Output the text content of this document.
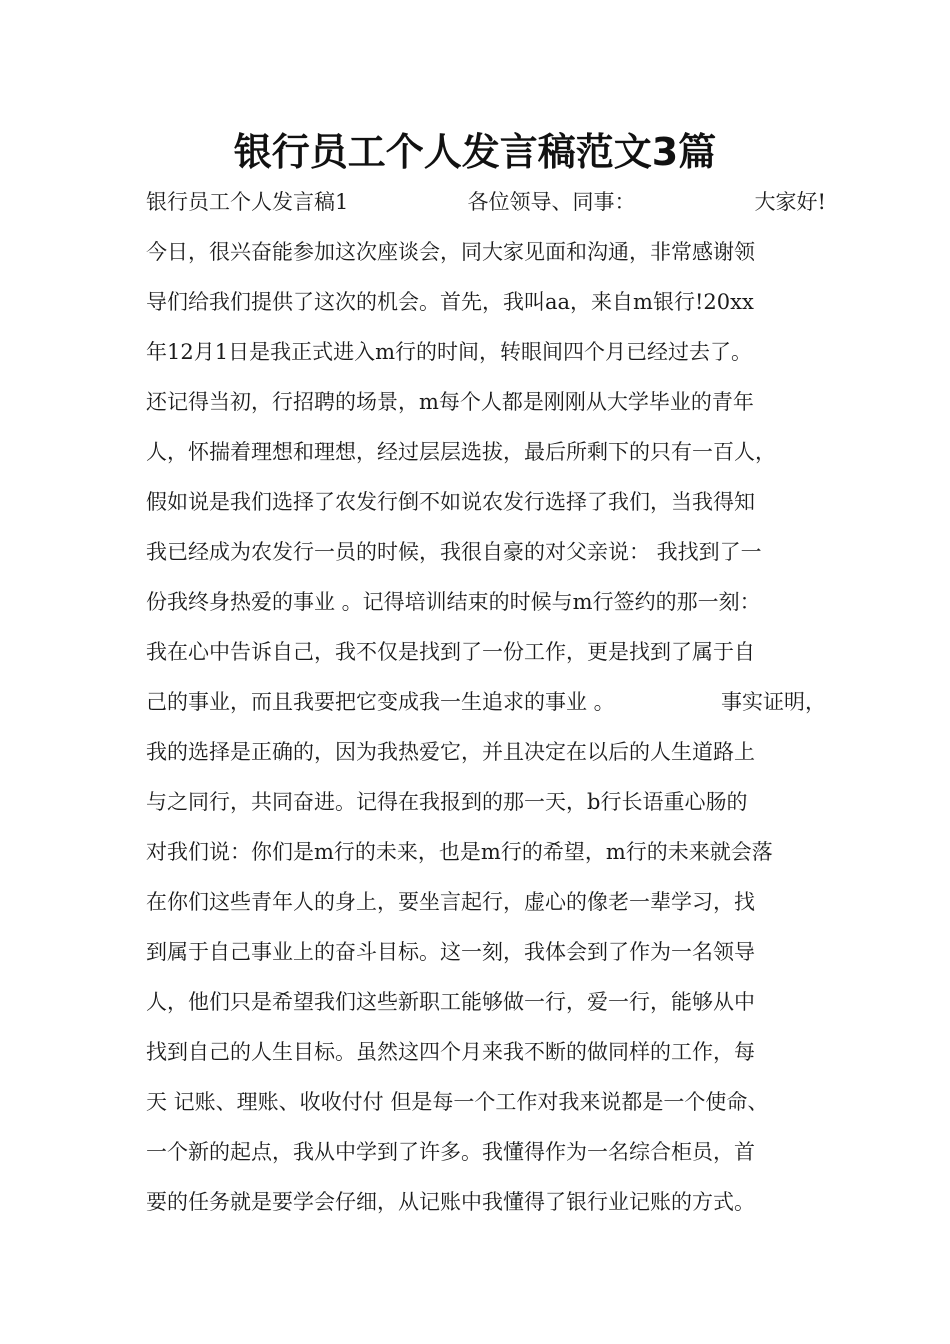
银行员工个人发言稿范文3篇
银行员工个人发言稿1	各位领导、同事：	大家好!
今日，很兴奋能参加这次座谈会，同大家见面和沟通，非常感谢领
导们给我们提供了这次的机会。首先，我叫aa，来自m银行!20xx
年12月1日是我正式进入m行的时间，转眼间四个月已经过去了。
还记得当初，行招聘的场景，m每个人都是刚刚从大学毕业的青年
人，怀揣着理想和理想，经过层层选拔，最后所剩下的只有一百人，
假如说是我们选择了农发行倒不如说农发行选择了我们，当我得知
我已经成为农发行一员的时候，我很自豪的对父亲说： 我找到了一
份我终身热爱的事业 。记得培训结束的时候与m行签约的那一刻：
我在心中告诉自己，我不仅是找到了一份工作，更是找到了属于自
己的事业，而且我要把它变成我一生追求的事业 。	事实证明，
我的选择是正确的，因为我热爱它，并且决定在以后的人生道路上
与之同行，共同奋进。记得在我报到的那一天，b行长语重心肠的
对我们说：你们是m行的未来，也是m行的希望，m行的未来就会落
在你们这些青年人的身上，要坐言起行，虚心的像老一辈学习，找
到属于自己事业上的奋斗目标。这一刻，我体会到了作为一名领导
人，他们只是希望我们这些新职工能够做一行，爱一行，能够从中
找到自己的人生目标。虽然这四个月来我不断的做同样的工作，每
天 记账、理账、收收付付 但是每一个工作对我来说都是一个使命、
一个新的起点，我从中学到了许多。我懂得作为一名综合柜员，首
要的任务就是要学会仔细，从记账中我懂得了银行业记账的方式。
